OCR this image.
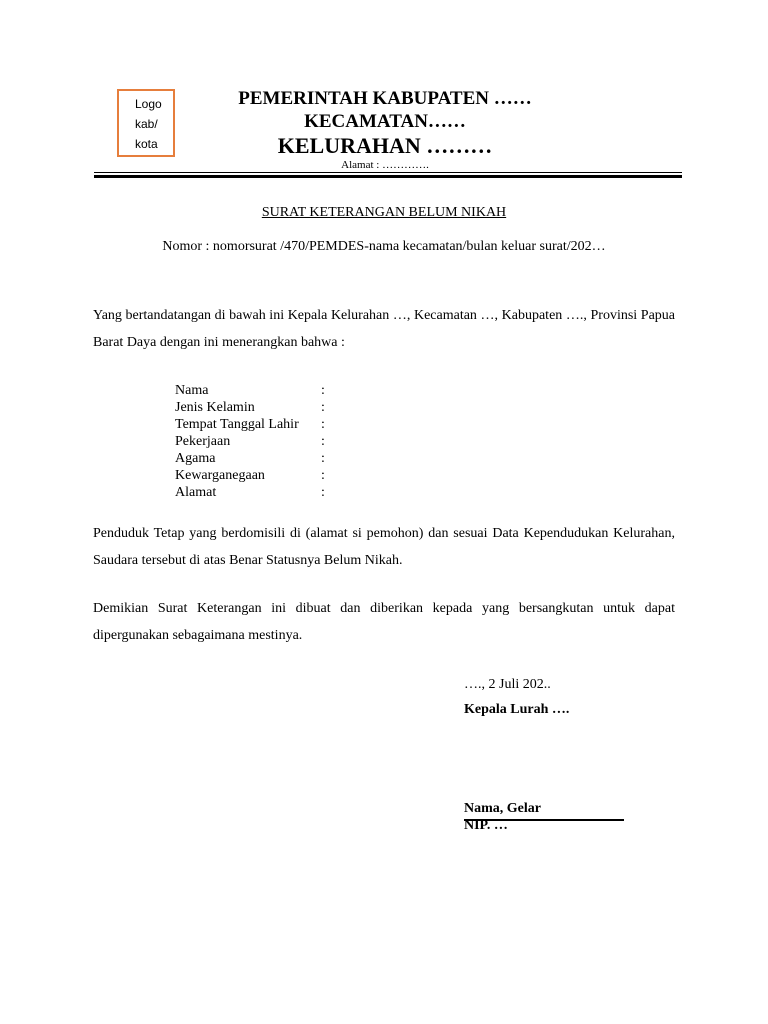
Logo
kab/
kota
PEMERINTAH KABUPATEN ……
KECAMATAN……
KELURAHAN ………
Alamat : ………….
SURAT KETERANGAN BELUM NIKAH
Nomor : nomorsurat /470/PEMDES-nama kecamatan/bulan keluar surat/202…
Yang bertandatangan di bawah ini Kepala Kelurahan …, Kecamatan …, Kabupaten …., Provinsi Papua Barat Daya dengan ini menerangkan bahwa :
Nama	:
Jenis Kelamin	:
Tempat Tanggal Lahir	:
Pekerjaan	:
Agama	:
Kewarganegaan	:
Alamat	:
Penduduk Tetap yang berdomisili di (alamat si pemohon) dan sesuai Data Kependudukan Kelurahan, Saudara tersebut di atas Benar Statusnya Belum Nikah.
Demikian Surat Keterangan ini dibuat dan diberikan kepada yang bersangkutan untuk dapat dipergunakan sebagaimana mestinya.
…., 2 Juli 202..
Kepala Lurah ….
Nama, Gelar
NIP. …
